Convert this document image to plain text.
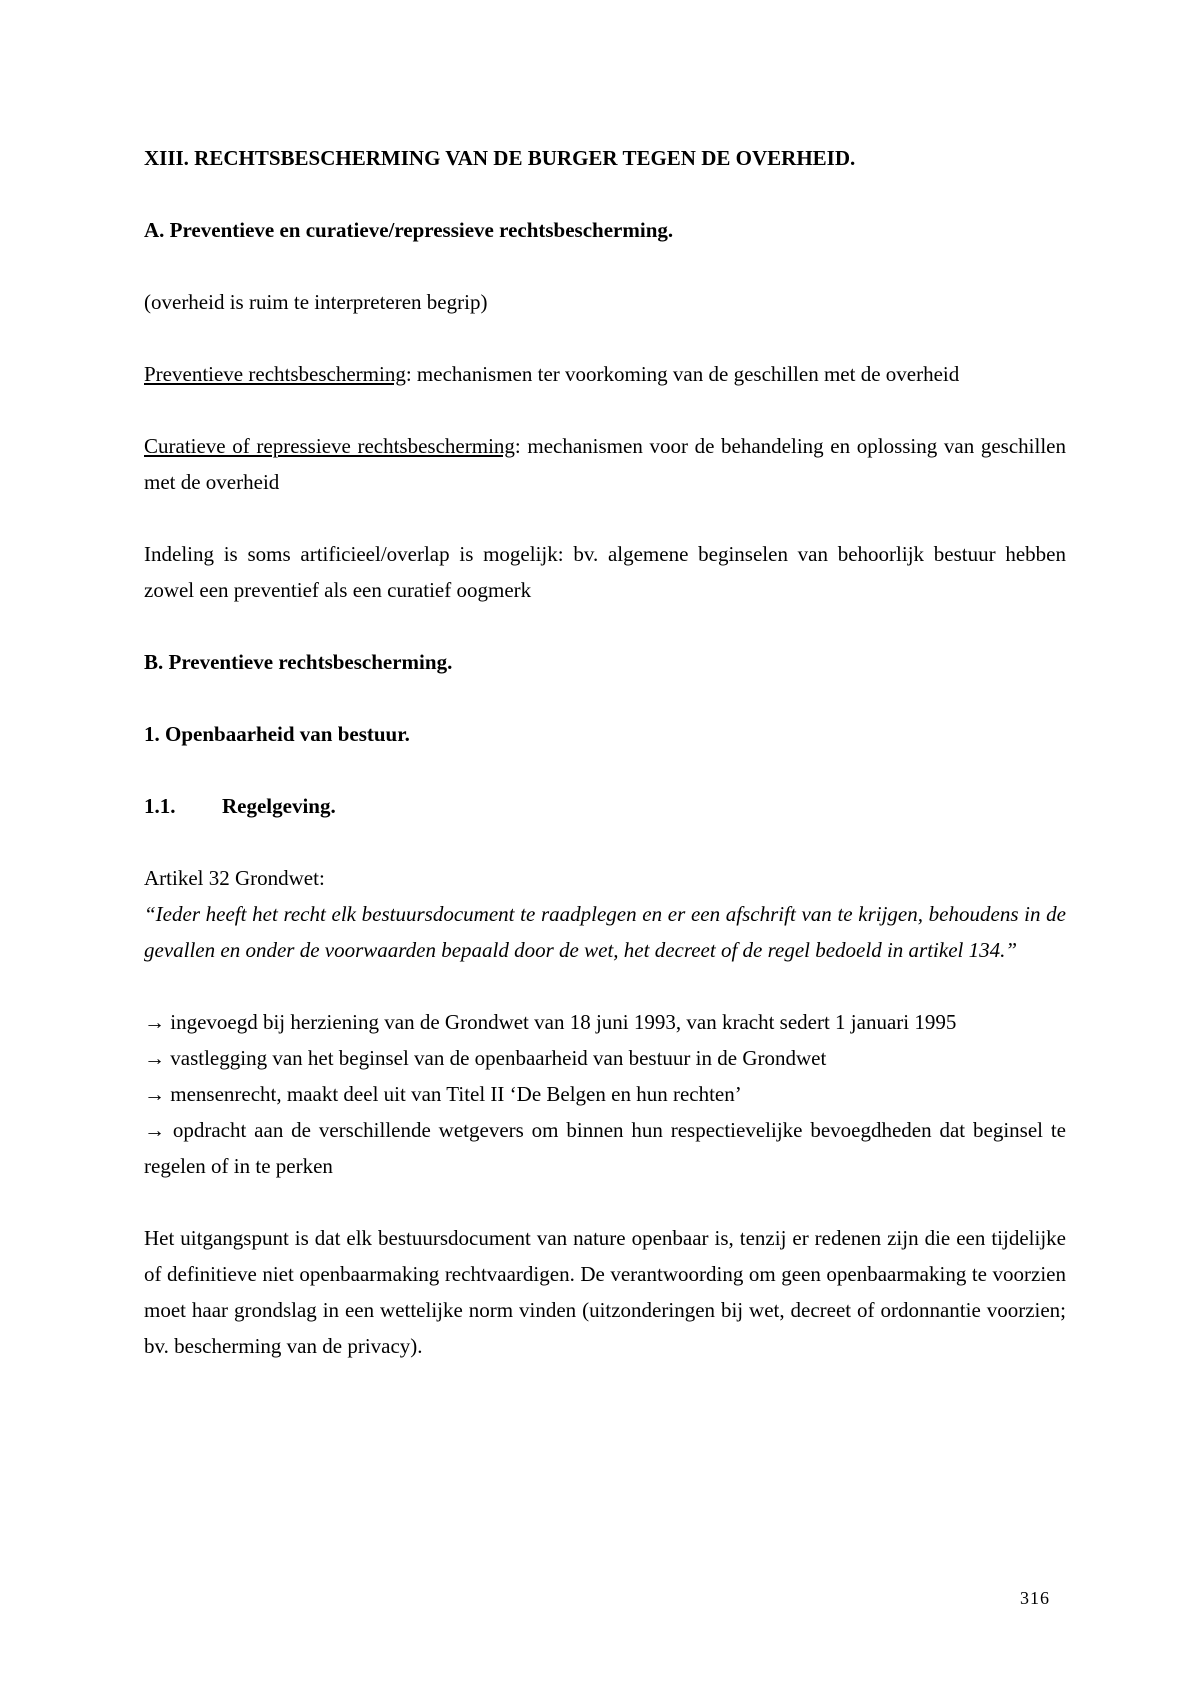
XIII. RECHTSBESCHERMING VAN DE BURGER TEGEN DE OVERHEID.

A. Preventieve en curatieve/repressieve rechtsbescherming.

(overheid is ruim te interpreteren begrip)

Preventieve rechtsbescherming: mechanismen ter voorkoming van de geschillen met de overheid

Curatieve of repressieve rechtsbescherming: mechanismen voor de behandeling en oplossing van geschillen met de overheid

Indeling is soms artificieel/overlap is mogelijk: bv. algemene beginselen van behoorlijk bestuur hebben zowel een preventief als een curatief oogmerk

B. Preventieve rechtsbescherming.

1. Openbaarheid van bestuur.

1.1.	Regelgeving.

Artikel 32 Grondwet:

“Ieder heeft het recht elk bestuursdocument te raadplegen en er een afschrift van te krijgen, behoudens in de gevallen en onder de voorwaarden bepaald door de wet, het decreet of de regel bedoeld in artikel 134.”

→ ingevoegd bij herziening van de Grondwet van 18 juni 1993, van kracht sedert 1 januari 1995

→ vastlegging van het beginsel van de openbaarheid van bestuur in de Grondwet

→ mensenrecht, maakt deel uit van Titel II ‘De Belgen en hun rechten’

→ opdracht aan de verschillende wetgevers om binnen hun respectievelijke bevoegdheden dat beginsel te regelen of in te perken

Het uitgangspunt is dat elk bestuursdocument van nature openbaar is, tenzij er redenen zijn die een tijdelijke of definitieve niet openbaarmaking rechtvaardigen. De verantwoording om geen openbaarmaking te voorzien moet haar grondslag in een wettelijke norm vinden (uitzonderingen bij wet, decreet of ordonnantie voorzien; bv. bescherming van de privacy).

316
